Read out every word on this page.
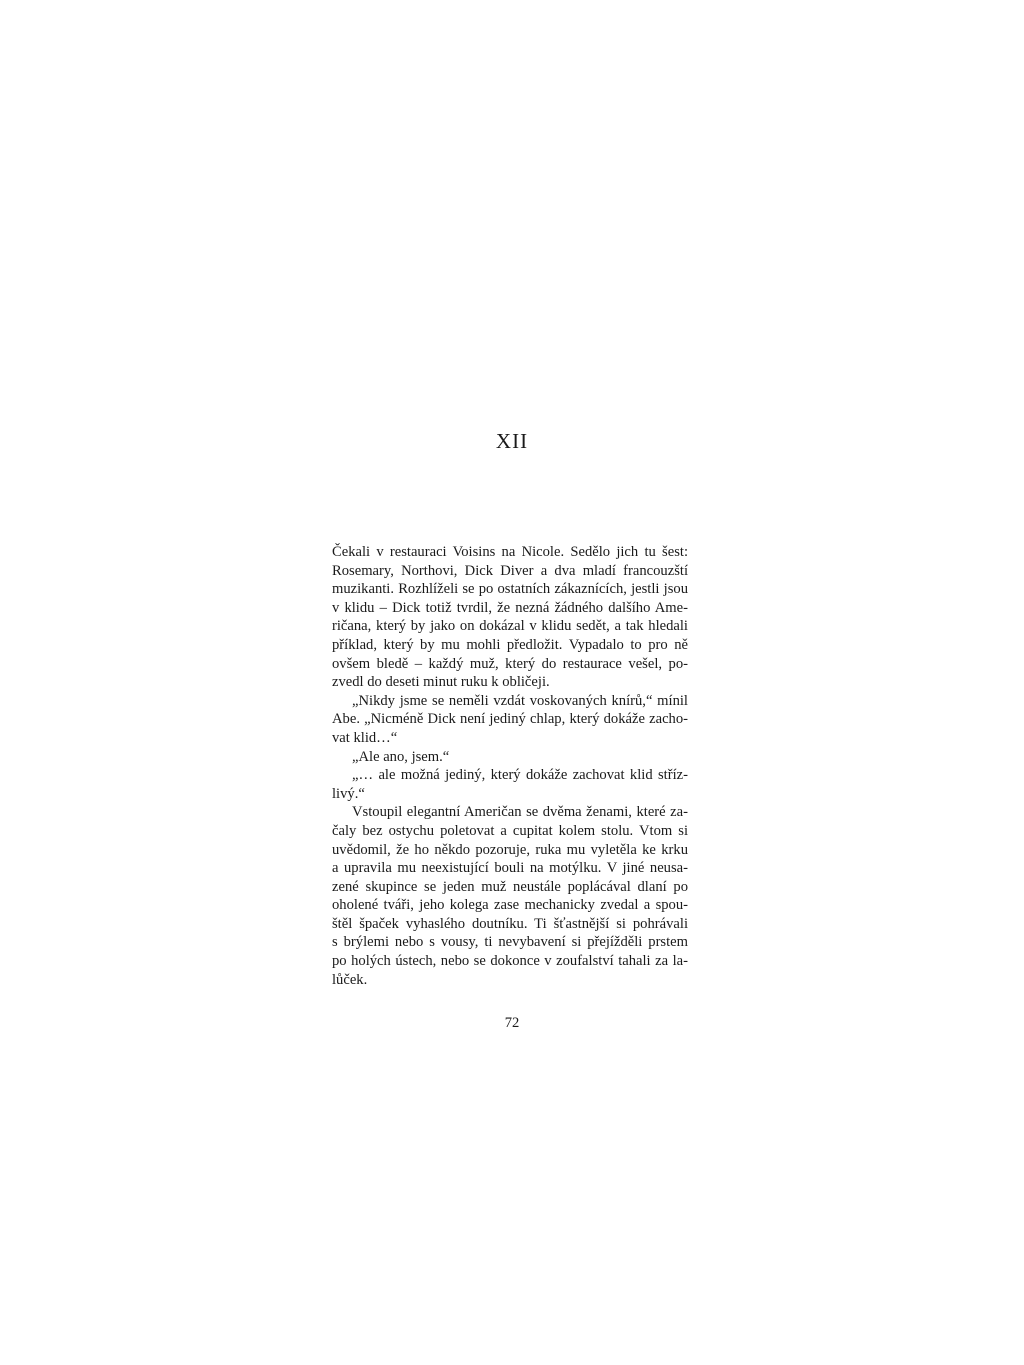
XII

Čekali v restauraci Voisins na Nicole. Sedělo jich tu šest:
Rosemary, Northovi, Dick Diver a dva mladí francouzští
muzikanti. Rozhlíželi se po ostatních zákaznících, jestli jsou
v klidu – Dick totiž tvrdil, že nezná žádného dalšího Ame-
ričana, který by jako on dokázal v klidu sedět, a tak hledali
příklad, který by mu mohli předložit. Vypadalo to pro ně
ovšem bledě – každý muž, který do restaurace vešel, po-
zvedl do deseti minut ruku k obličeji.

„Nikdy jsme se neměli vzdát voskovaných knírů,“ mínil
Abe. „Nicméně Dick není jediný chlap, který dokáže zacho-
vat klid…“

„Ale ano, jsem.“

„… ale možná jediný, který dokáže zachovat klid stříz-
livý.“

Vstoupil elegantní Američan se dvěma ženami, které za-
čaly bez ostychu poletovat a cupitat kolem stolu. Vtom si
uvědomil, že ho někdo pozoruje, ruka mu vyletěla ke krku
a upravila mu neexistující bouli na motýlku. V jiné neusa-
zené skupince se jeden muž neustále poplácával dlaní po
oholené tváři, jeho kolega zase mechanicky zvedal a spou-
štěl špaček vyhaslého doutníku. Ti šťastnější si pohrávali
s brýlemi nebo s vousy, ti nevybavení si přejížděli prstem
po holých ústech, nebo se dokonce v zoufalství tahali za la-
lůček.

72
